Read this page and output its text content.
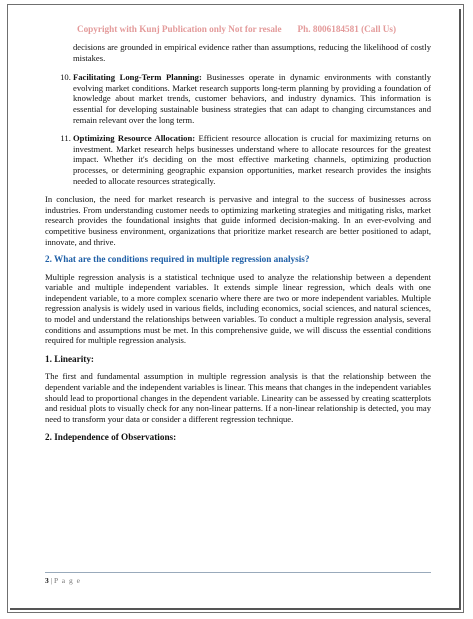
Copyright with Kunj Publication only Not for resale Ph. 8006184581 (Call Us)

decisions are grounded in empirical evidence rather than assumptions, reducing the likelihood of costly mistakes.

10. Facilitating Long-Term Planning: Businesses operate in dynamic environments with constantly evolving market conditions. Market research supports long-term planning by providing a foundation of knowledge about market trends, customer behaviors, and industry dynamics. This information is essential for developing sustainable business strategies that can adapt to changing circumstances and remain relevant over the long term.
11. Optimizing Resource Allocation: Efficient resource allocation is crucial for maximizing returns on investment. Market research helps businesses understand where to allocate resources for the greatest impact. Whether it's deciding on the most effective marketing channels, optimizing production processes, or determining geographic expansion opportunities, market research provides the insights needed to allocate resources strategically.

In conclusion, the need for market research is pervasive and integral to the success of businesses across industries. From understanding customer needs to optimizing marketing strategies and mitigating risks, market research provides the foundational insights that guide informed decision-making. In an ever-evolving and competitive business environment, organizations that prioritize market research are better positioned to adapt, innovate, and thrive.

2. What are the conditions required in multiple regression analysis?

Multiple regression analysis is a statistical technique used to analyze the relationship between a dependent variable and multiple independent variables. It extends simple linear regression, which deals with one independent variable, to a more complex scenario where there are two or more independent variables. Multiple regression analysis is widely used in various fields, including economics, social sciences, and natural sciences, to model and understand the relationships between variables. To conduct a multiple regression analysis, several conditions and assumptions must be met. In this comprehensive guide, we will discuss the essential conditions required for multiple regression analysis.

1. Linearity:

The first and fundamental assumption in multiple regression analysis is that the relationship between the dependent variable and the independent variables is linear. This means that changes in the independent variables should lead to proportional changes in the dependent variable. Linearity can be assessed by creating scatterplots and residual plots to visually check for any non-linear patterns. If a non-linear relationship is detected, you may need to transform your data or consider a different regression technique.

2. Independence of Observations:
3 | P a g e
